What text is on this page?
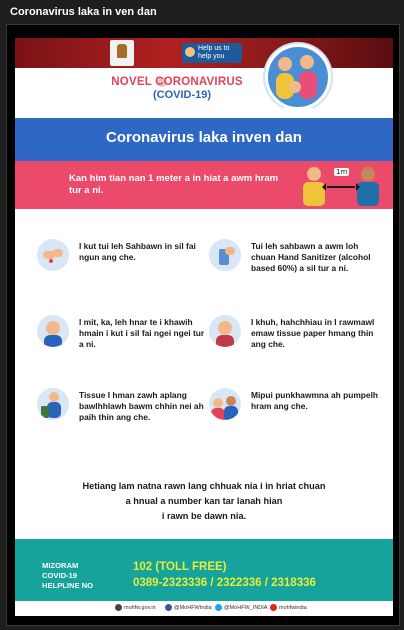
Coronavirus laka in ven dan
Help us to help you
NOVEL CORONAVIRUS
(COVID-19)
Coronavirus laka inven dan
Kan him tian nan 1 meter a in hiat a awm hram tur a ni.
1m
I kut tui leh Sahbawn in sil fai ngun ang che.
Tui leh sahbawn a awm loh chuan Hand Sanitizer (alcohol based 60%) a sil tur a ni.
I mit, ka, leh hnar te i khawih hmain i kut i sil fai ngei ngei tur a ni.
I khuh, hahchhiau in I rawmawl emaw tissue paper hmang thin ang che.
Tissue I hman zawh aplang bawlhhlawh bawm chhin nei ah paih thin ang che.
Mipui punkhawmna ah pumpelh hram ang che.
Hetiang lam natna rawn lang chhuak nia i in hriat chuan
a hnual a number kan tar lanah hian
i rawn be dawn nia.
MIZORAM
COVID-19
HELPLINE NO
102 (TOLL FREE)
0389-2323336 / 2322336 / 2318336
mohfw.gov.in	@MoHFWIndia	@MoHFW_INDIA	mohfwindia
